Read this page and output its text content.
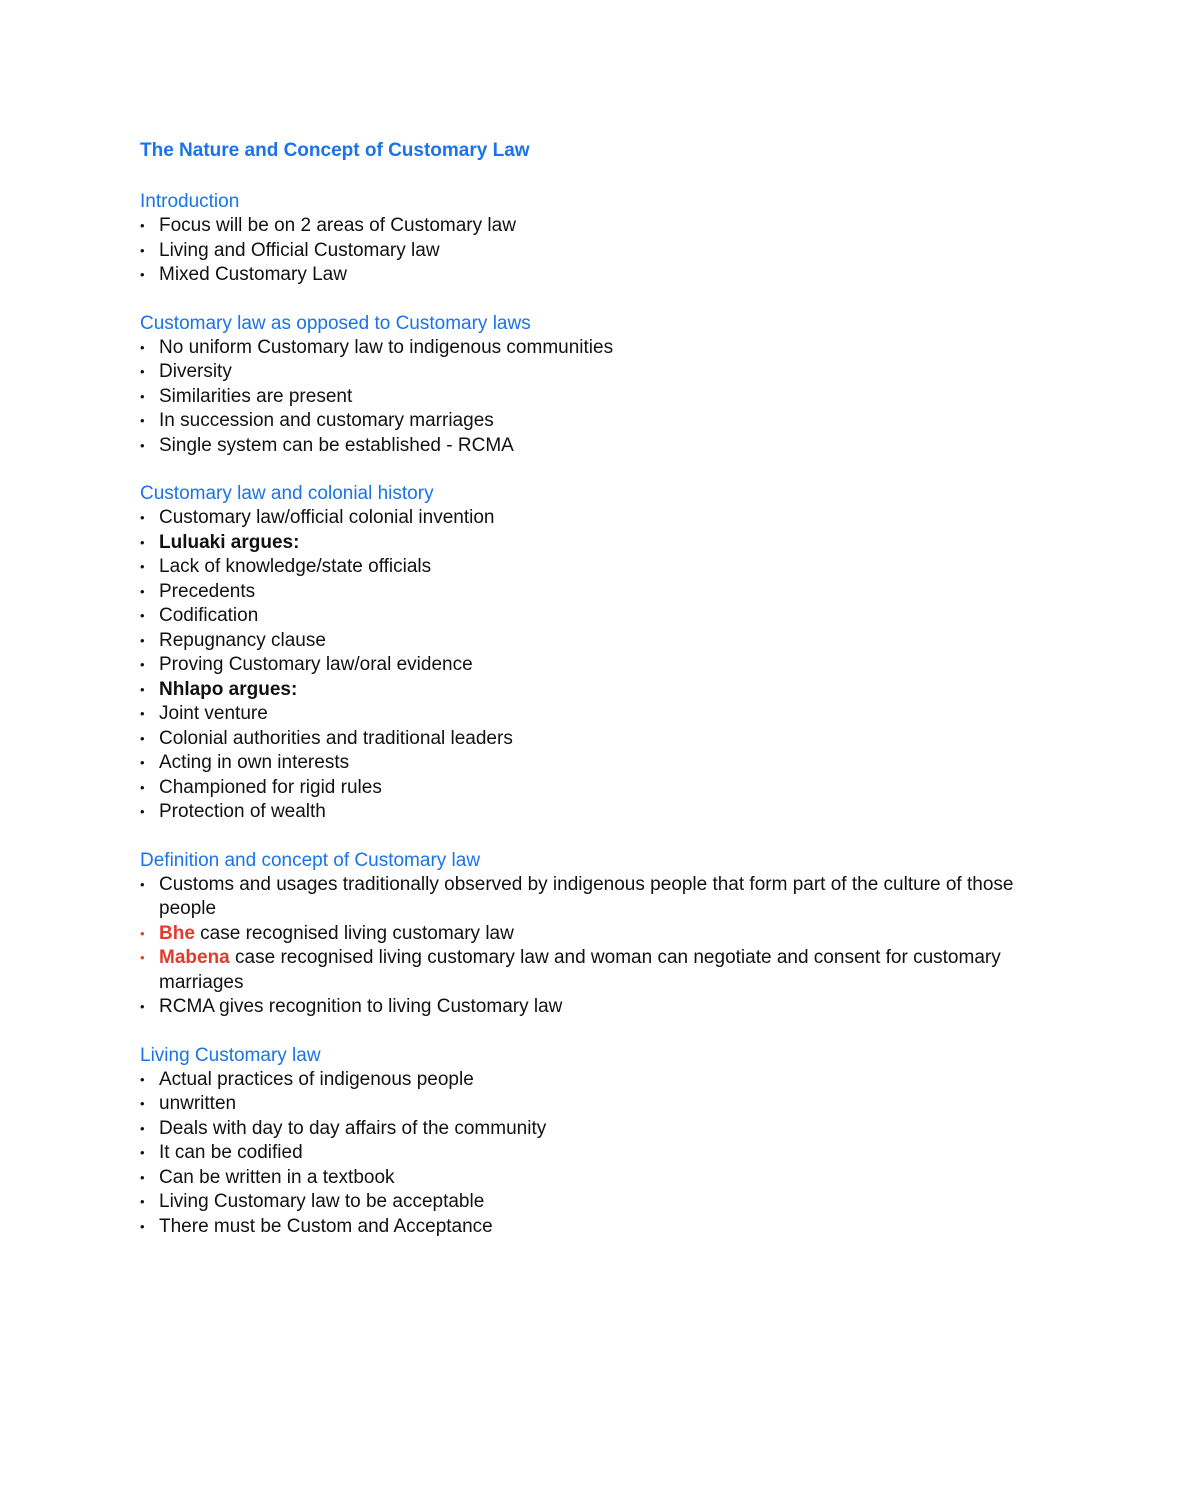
The Nature and Concept of Customary Law
Introduction
• Focus will be on 2 areas of Customary law
• Living and Official Customary law
• Mixed Customary Law
Customary law as opposed to Customary laws
• No uniform Customary law to indigenous communities
• Diversity
• Similarities are present
• In succession and customary marriages
• Single system can be established - RCMA
Customary law and colonial history
• Customary law/official colonial invention
• Luluaki argues:
• Lack of knowledge/state officials
• Precedents
• Codification
• Repugnancy clause
• Proving Customary law/oral evidence
• Nhlapo argues:
• Joint venture
• Colonial authorities and traditional leaders
• Acting in own interests
• Championed for rigid rules
• Protection of wealth
Definition and concept of Customary law
• Customs and usages traditionally observed by indigenous people that form part of the culture of those people
• Bhe case recognised living customary law
• Mabena case recognised living customary law and woman can negotiate and consent for customary marriages
• RCMA gives recognition to living Customary law
Living Customary law
• Actual practices of indigenous people
• unwritten
• Deals with day to day affairs of the community
• It can be codified
• Can be written in a textbook
• Living Customary law to be acceptable
• There must be Custom and Acceptance
